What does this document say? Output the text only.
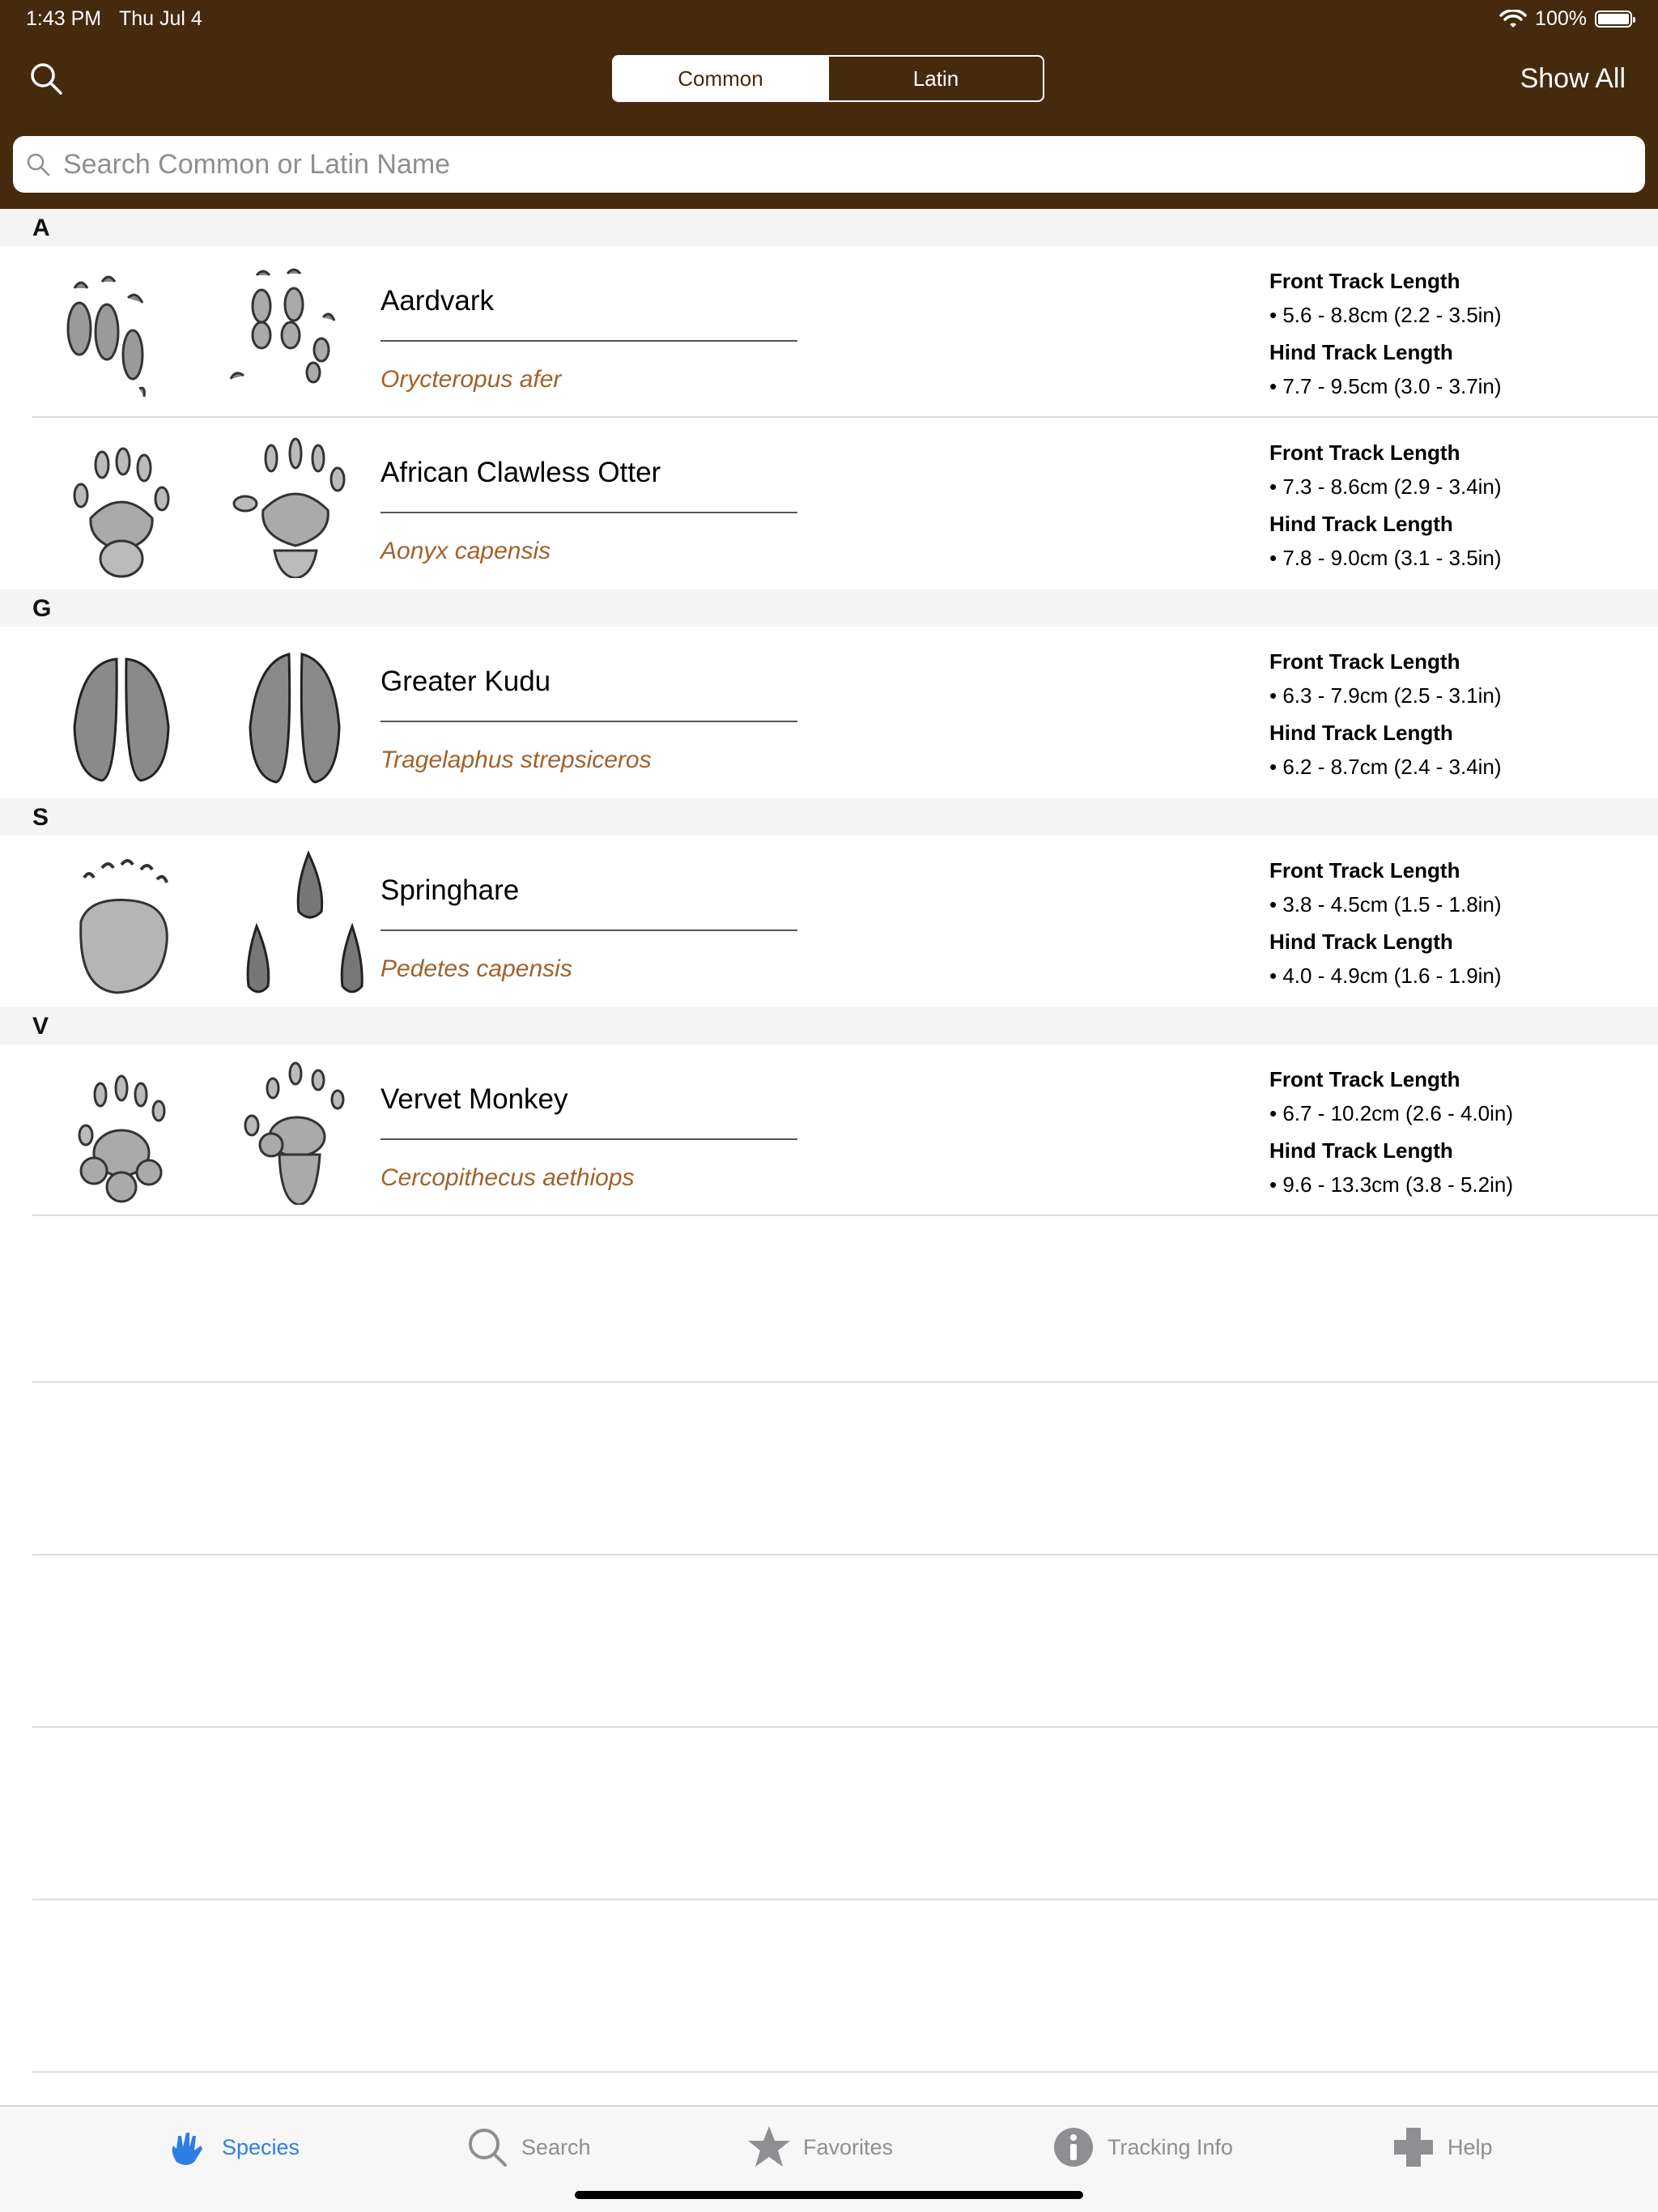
1:43 PM Thu Jul 4	100%
Common	Latin	Show All
Search Common or Latin Name
A
Aardvark
Orycteropus afer
Front Track Length
• 5.6 - 8.8cm (2.2 - 3.5in)
Hind Track Length
• 7.7 - 9.5cm (3.0 - 3.7in)
African Clawless Otter
Aonyx capensis
Front Track Length
• 7.3 - 8.6cm (2.9 - 3.4in)
Hind Track Length
• 7.8 - 9.0cm (3.1 - 3.5in)
G
Greater Kudu
Tragelaphus strepsiceros
Front Track Length
• 6.3 - 7.9cm (2.5 - 3.1in)
Hind Track Length
• 6.2 - 8.7cm (2.4 - 3.4in)
S
Springhare
Pedetes capensis
Front Track Length
• 3.8 - 4.5cm (1.5 - 1.8in)
Hind Track Length
• 4.0 - 4.9cm (1.6 - 1.9in)
V
Vervet Monkey
Cercopithecus aethiops
Front Track Length
• 6.7 - 10.2cm (2.6 - 4.0in)
Hind Track Length
• 9.6 - 13.3cm (3.8 - 5.2in)
Species	Search	Favorites	Tracking Info	Help
